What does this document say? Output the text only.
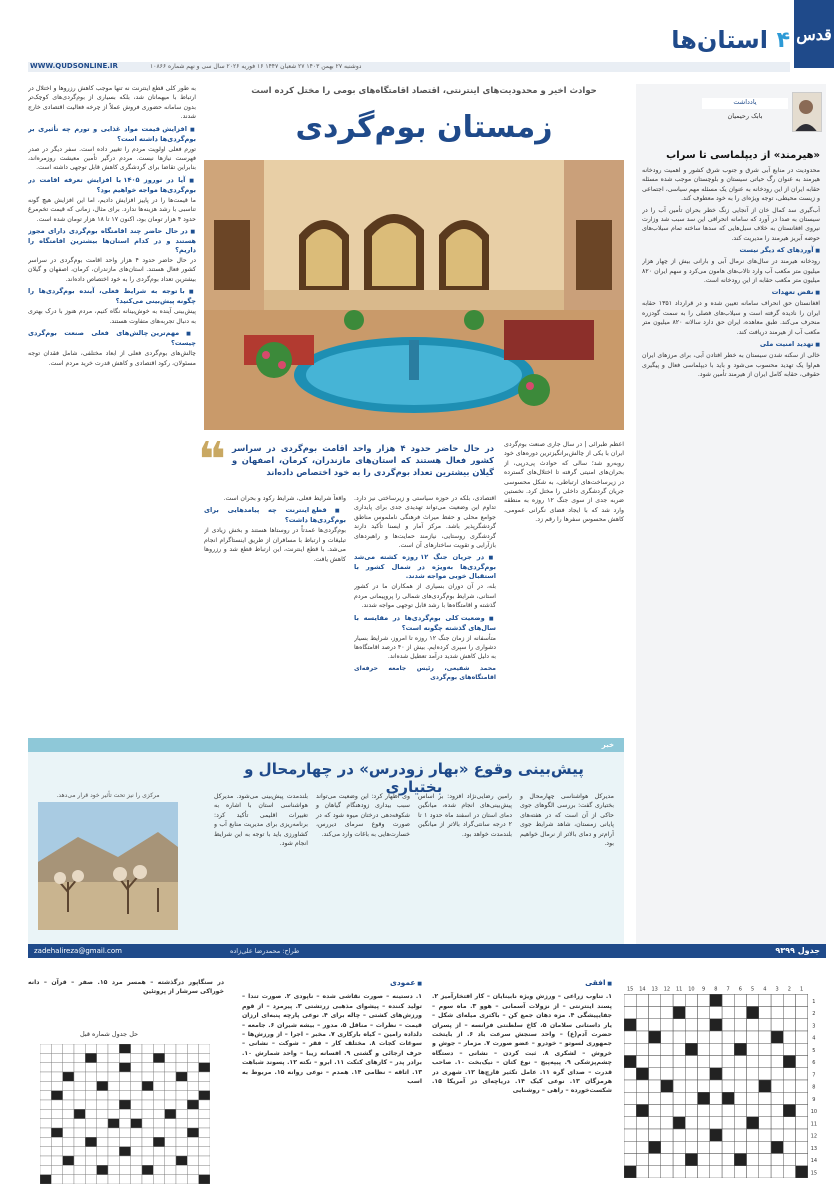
قدس
۴
استان‌ها
WWW.QUDSONLINE.IR	دوشنبه ۲۷ بهمن ۱۴۰۳ ۲۷ شعبان ۱۴۴۷ ۱۶ فوریه ۲۰۲۶ سال سی و نهم شماره ۱۰۸۶۶
یادداشت
بابک رحیمیان
«هیرمند» از دیپلماسی تا سراب

محدودیت در منابع آبی شرق و جنوب شرق کشور و اهمیت رودخانه هیرمند به عنوان رگ حیاتی سیستان و بلوچستان موجب شده مسئله حقابه ایران از این رودخانه به عنوان یک مسئله مهم سیاسی، اجتماعی و زیست محیطی، توجه ویژه‌ای را به خود معطوف کند.

آب‌گیری سد کمال خان از آنجایی زنگ خطر بحران تأمین آب را در سیستان به صدا در آورد که سامانه انحرافی این سد سبب شد وزارت نیروی افغانستان به خلاف سیل‌هایی که سدها ساخته تمام سیلاب‌های حوضه آبریز هیرمند را مدیریت کند.

■ آوردهای که دیگر نیست

رودخانه هیرمند در سال‌های نرمال آبی و بارانی بیش از چهار هزار میلیون متر مکعب آب وارد تالاب‌های هامون می‌کرد و سهم ایران ۸۲۰ میلیون متر مکعب حقابه از این رودخانه است.

■ نقض تعهدات

افغانستان حق انحراف سامانه تعیین شده و در قرارداد ۱۳۵۱ حقابه ایران را نادیده گرفته است و سیلاب‌های فصلی را به سمت گودزره منحرف می‌کند. طبق معاهده، ایران حق دارد سالانه ۸۲۰ میلیون متر مکعب آب از هیرمند دریافت کند.

■ تهدید امنیت ملی

خالی از سکنه شدن سیستان به خطر افتادن آبی، برای مرزهای ایران هم‌اوا یک تهدید محسوب می‌شود و باید با دیپلماسی فعال و پیگیری حقوقی، حقابه کامل ایران از هیرمند تأمین شود.

حوادث اخیر و محدودیت‌های اینترنتی، اقتصاد اقامتگاه‌های بومی را مختل کرده است
زمستان بوم‌گردی
❝ در حال حاضر حدود ۴ هزار واحد اقامت بوم‌گردی در سراسر کشور فعال هستند که استان‌های مازندران، کرمان، اصفهان و گیلان بیشترین تعداد بوم‌گردی را به خود اختصاص داده‌اند

اعظم طبرائی | در سال جاری صنعت بوم‌گردی ایران با یکی از چالش‌برانگیزترین دوره‌های خود روبه‌رو شد؛ سالی که حوادث پی‌درپی، از بحران‌های امنیتی گرفته تا اختلال‌های گسترده در زیرساخت‌های ارتباطی، به شکل محسوسی جریان گردشگری داخلی را مختل کرد. نخستین ضربه جدی از سوی جنگ ۱۲ روزه به منطقه وارد شد که با ایجاد فضای نگرانی عمومی، کاهش محسوس سفرها را رقم زد.

اقتصادی، بلکه در حوزه سیاستی و زیرساختی نیز دارد. تداوم این وضعیت می‌تواند تهدیدی جدی برای پایداری جوامع محلی و حفظ میراث فرهنگی ناملموس مناطق گردشگرپذیر باشد. مرکز آمار و ایسنا تأکید دارند گردشگری روستایی، نیازمند حمایت‌ها و راهبردهای بازآرایی و تقویت ساختارهای آن است.

■ در جریان جنگ ۱۲ روزه کشته می‌شد بوم‌گردی‌ها به‌ویژه در شمال کشور با استقبال خوبی مواجه شدند.

بله، در آن دوران بسیاری از همکاران ما در کشور استانی، شرایط بوم‌گردی‌های شمالی را پروپیمانی مردم گذشته و اقامتگاه‌ها با رشد قابل توجهی مواجه شدند.

■ وضعیت کلی بوم‌گردی‌ها در مقایسه با سال‌های گذشته چگونه است؟

متأسفانه از زمان جنگ ۱۲ روزه تا امروز، شرایط بسیار دشواری را سپری کرده‌ایم. بیش از ۴۰ درصد اقامتگاه‌ها به دلیل کاهش شدید درآمد تعطیل شده‌اند.

محمد شفیعی، رئیس جامعه حرفه‌ای اقامتگاه‌های بوم‌گردی

واقعاً شرایط فعلی، شرایط رکود و بحران است.

■ قطع اینترنت چه پیامدهایی برای بوم‌گردی‌ها داشت؟

بوم‌گردی‌ها عمدتاً در روستاها هستند و بخش زیادی از تبلیغات و ارتباط با مسافران از طریق اینستاگرام انجام می‌شد. با قطع اینترنت، این ارتباط قطع شد و رزروها کاهش یافت.

به طور کلی قطع اینترنت نه تنها موجب کاهش رزروها و اختلال در ارتباط با میهمانان شد، بلکه بسیاری از بوم‌گردی‌های کوچک‌تر بدون سامانه حضوری فروش عملاً از چرخه فعالیت اقتصادی خارج شدند.

■ افزایش قیمت مواد غذایی و تورم چه تأثیری بر بوم‌گردی‌ها داشته است؟

تورم فعلی اولویت مردم را تغییر داده است. سفر دیگر در صدر فهرست نیازها نیست. مردم درگیر تأمین معیشت روزمره‌اند، بنابراین تقاضا برای گردشگری کاهش قابل توجهی داشته است.

■ آیا در نوروز ۱۴۰۵ با افزایش تعرفه اقامت در بوم‌گردی‌ها مواجه خواهیم بود؟

ما قیمت‌ها را در پاییز افزایش دادیم، اما این افزایش هیچ گونه تناسبی با رشد هزینه‌ها ندارد. برای مثال، زمانی که قیمت تخم‌مرغ حدود ۴ هزار تومان بود، اکنون ۱۷ تا ۱۸ هزار تومان شده است.

■ در حال حاضر چند اقامتگاه بوم‌گردی دارای مجوز هستند و در کدام استان‌ها بیشترین اقامتگاه را داریم؟

در حال حاضر حدود ۴ هزار واحد اقامت بوم‌گردی در سراسر کشور فعال هستند. استان‌های مازندران، کرمان، اصفهان و گیلان بیشترین تعداد بوم‌گردی را به خود اختصاص داده‌اند.

■ با توجه به شرایط فعلی، آینده بوم‌گردی‌ها را چگونه پیش‌بینی می‌کنید؟

پیش‌بینی آینده به خوش‌بینانه نگاه کنیم، مردم هنوز با درک بهتری به دنبال تجربه‌های متفاوت هستند.

■ مهم‌ترین چالش‌های فعلی صنعت بوم‌گردی چیست؟

چالش‌های بوم‌گردی فعلی از ابعاد مختلفی، شامل فقدان توجه مسئولان، رکود اقتصادی و کاهش قدرت خرید مردم است.

خبر
پیش‌بینی وقوع «بهار زودرس» در چهارمحال و بختیاری
مدیرکل هواشناسی چهارمحال و بختیاری گفت: بررسی الگوهای جوی حاکی از آن است که در هفته‌های پایانی زمستان، شاهد شرایط جوی آرام‌تر و دمای بالاتر از نرمال خواهیم بود.
رامین رضایی‌نژاد افزود: بر اساس پیش‌بینی‌های انجام شده، میانگین دمای استان در اسفند ماه حدود ۱ تا ۲ درجه سانتی‌گراد بالاتر از میانگین بلندمدت خواهد بود.
وی اظهار کرد: این وضعیت می‌تواند سبب بیداری زودهنگام گیاهان و شکوفه‌دهی درختان میوه شود که در صورت وقوع سرمای دیررس، خسارت‌هایی به باغات وارد می‌کند.
بلندمدت پیش‌بینی می‌شود. مدیرکل هواشناسی استان با اشاره به تغییرات اقلیمی تأکید کرد: برنامه‌ریزی برای مدیریت منابع آب و کشاورزی باید با توجه به این شرایط انجام شود.
مرکزی را نیز تحت تأثیر خود قرار می‌دهد.
جدول ۹۳۹۹
zadehalireza@gmail.com	طراح: محمدرضا علی‌زاده
1
1
2
2
3
3
4
4
5
5
6
6
7
7
8
8
9
9
10
10
11
11
12
12
13
13
14
14
15
15
■ افقی

۱. تناوب زراعی – ورزش ویژه نابینایان – کار افتخارآمیز ۲. پسند اینترنتی – از نزولات آسمانی – هوو ۳. ماه سوم – جفایپیشگی ۴. مزه دهان جمع کن – باکتری میله‌ای شکل – یار داستانی سلامان ۵. کاخ سلطنتی فرانسه – از پسران حضرت آدم(ع) – واحد سنجش سرعت باد ۶. از بایتخت جمهوری لسوتو – خودرو – عضو صورت ۷. مزمار – جوش و خروش – لشکری ۸. ثبت کردن – نشانی – دستگاه چشم‌پزشکی ۹. پیپه‌پیچ – نوع کتان – نیک‌بخت ۱۰. صاحب قدرت – صدای گره ۱۱. عامل تکثیر قارچ‌ها ۱۲. شهری در هرمزگان ۱۳. نوعی کیک ۱۴. دریاچه‌ای در آمریکا ۱۵. شکست‌خورده – راهی – روشنایی

■ عمودی

۱. دستینه – صورت نقاشی شده – ناپودی ۲. صورت تندا – تولید کننده – پیشوای مذهبی زرتشتی ۳. پیرمرد – از قوم ورزش‌های کشتی – چاله برای ۴. نوعی پارچه پنبه‌ای ارزان قیمت – نظرات – مناقل ۵. مدور – بیشه شیران ۶. جامعه – دلداده رامین – کیاه بارکاری ۷. مخبر – اجرا – از ورزش‌ها – سوغات کجات ۸. مختلف کار – فقر – شوکت – نشانی – حرف ارجائی و گشتی ۹. افسانه زیبا – واحد شمارش ۱۰. برادر پدر – کارهای کنکت ۱۱. ابرو – نکته ۱۲. پسوند شباهت ۱۳. اتاقه – نظامی ۱۴. همدم – نوعی روانه ۱۵. مربوط به اسب

در سنگاپور درگذشته – همسر مرد ۱۵. صفر – قرآن – دانه خوراکی سرشار از پروتئین
حل جدول شماره قبل
